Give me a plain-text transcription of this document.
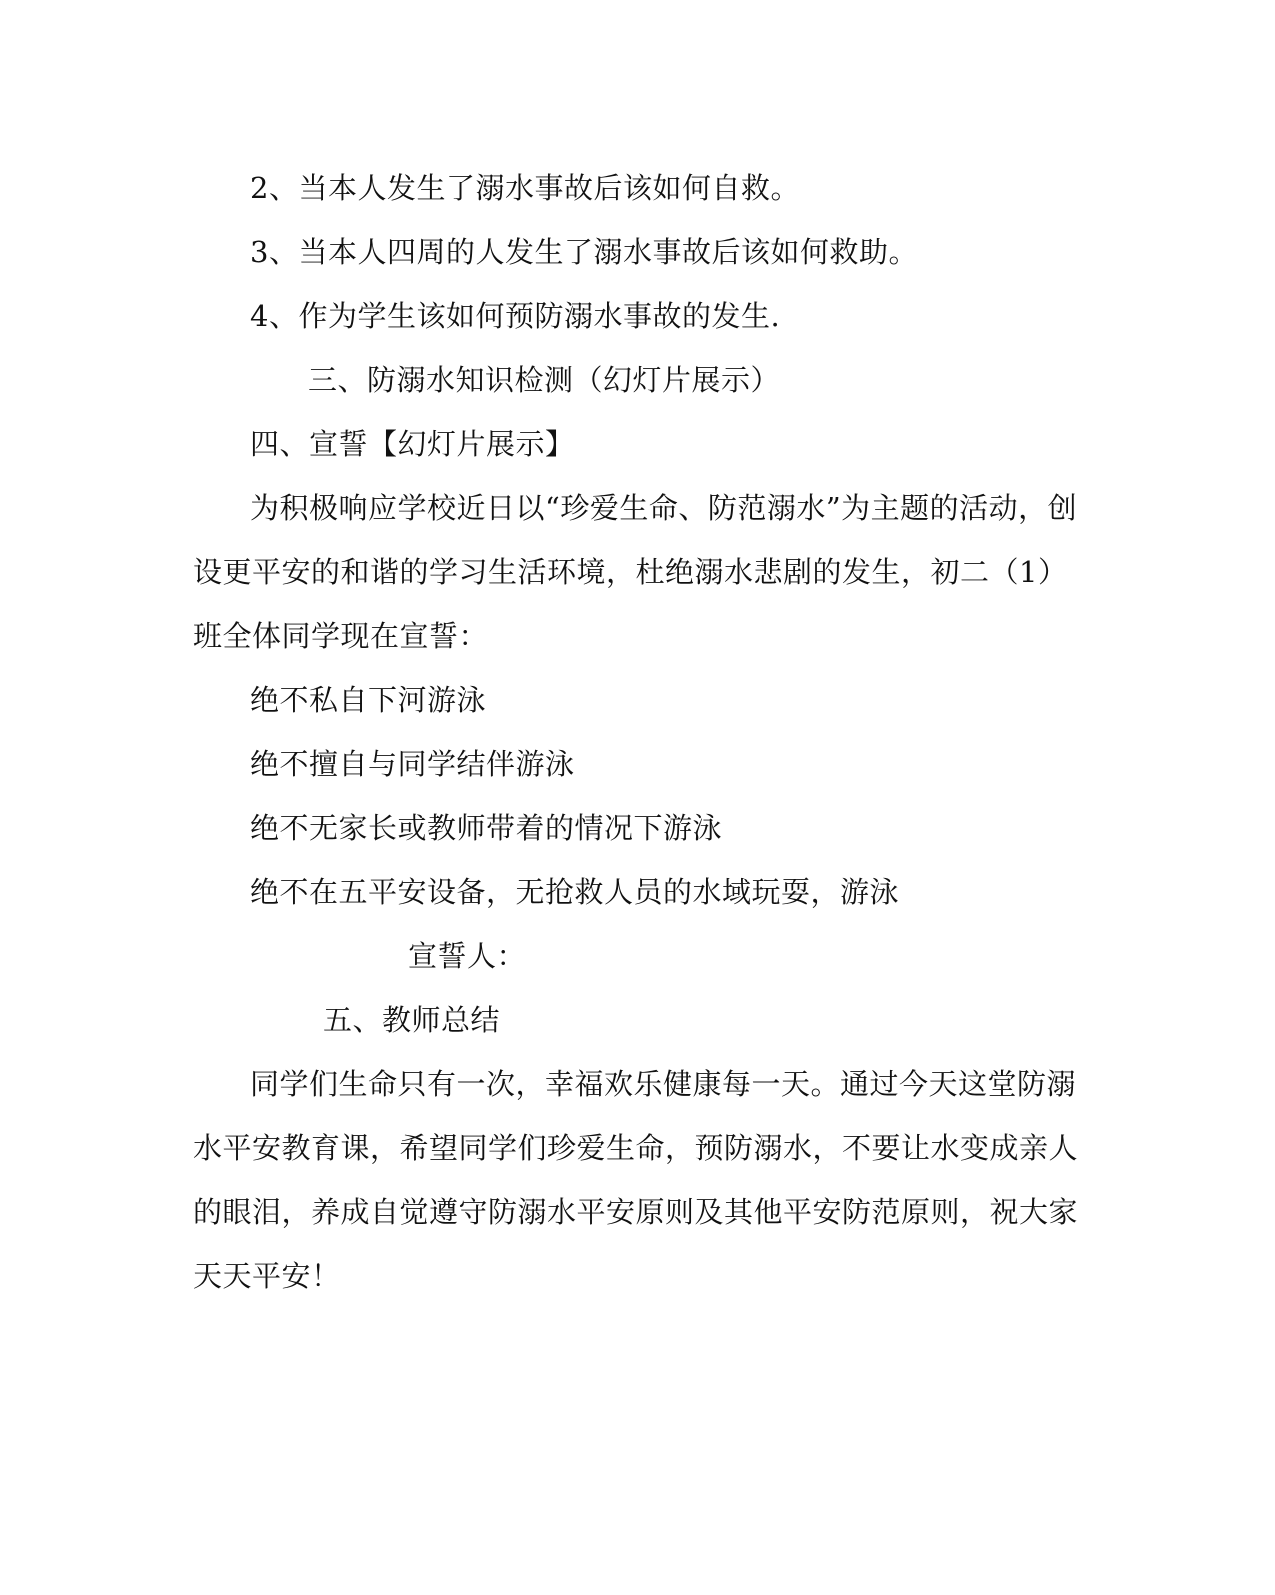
2、当本人发生了溺水事故后该如何自救。
3、当本人四周的人发生了溺水事故后该如何救助。
4、作为学生该如何预防溺水事故的发生.
三、防溺水知识检测（幻灯片展示）
四、宣誓【幻灯片展示】
为积极响应学校近日以“珍爱生命、防范溺水”为主题的活动，创
设更平安的和谐的学习生活环境，杜绝溺水悲剧的发生，初二（1）
班全体同学现在宣誓：
绝不私自下河游泳
绝不擅自与同学结伴游泳
绝不无家长或教师带着的情况下游泳
绝不在五平安设备，无抢救人员的水域玩耍，游泳
宣誓人：
五、教师总结
同学们生命只有一次，幸福欢乐健康每一天。通过今天这堂防溺
水平安教育课，希望同学们珍爱生命，预防溺水，不要让水变成亲人
的眼泪，养成自觉遵守防溺水平安原则及其他平安防范原则，祝大家
天天平安！
